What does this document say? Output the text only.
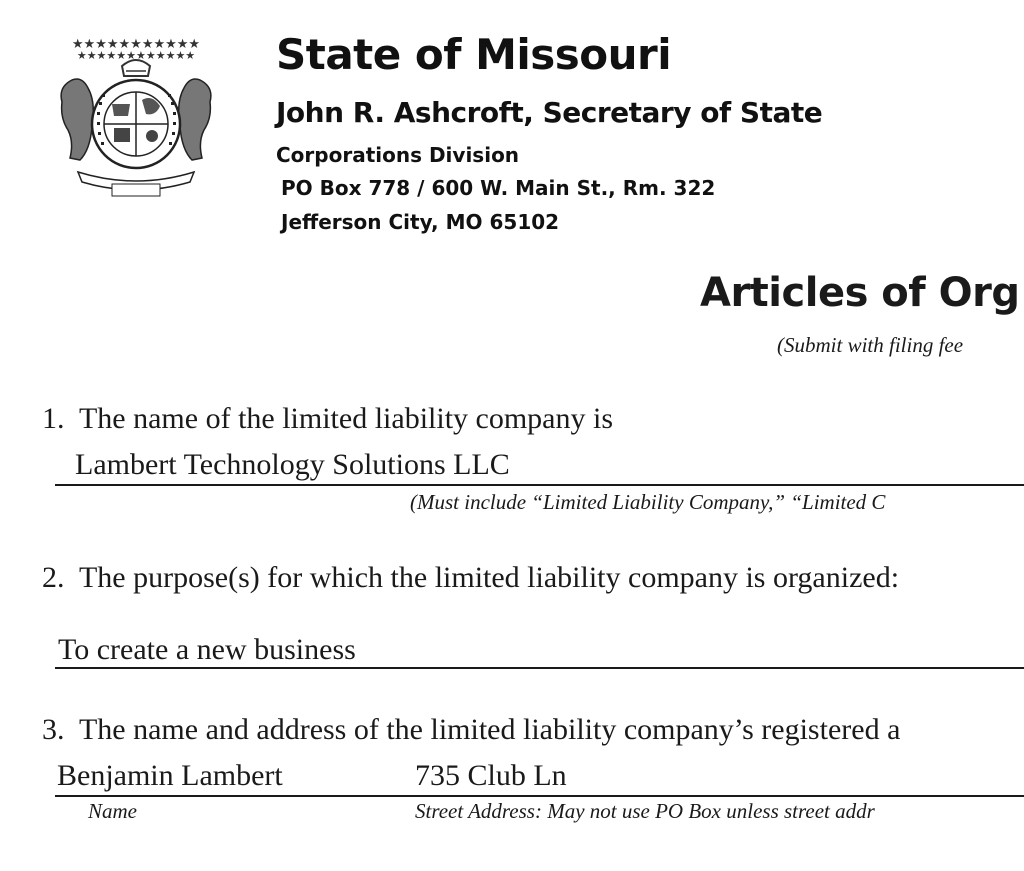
★★★★★★★★★★★
★★★★★★★★★★★★ State of Missouri
John R. Ashcroft, Secretary of State
Corporations Division
PO Box 778 / 600 W. Main St., Rm. 322
Jefferson City, MO 65102
Articles of Org
(Submit with filing fee
1. The name of the limited liability company is
Lambert Technology Solutions LLC
(Must include “Limited Liability Company,” “Limited C
2. The purpose(s) for which the limited liability company is organized:
To create a new business
3. The name and address of the limited liability company’s registered a
Benjamin Lambert	735 Club Ln
Name	Street Address: May not use PO Box unless street addr
